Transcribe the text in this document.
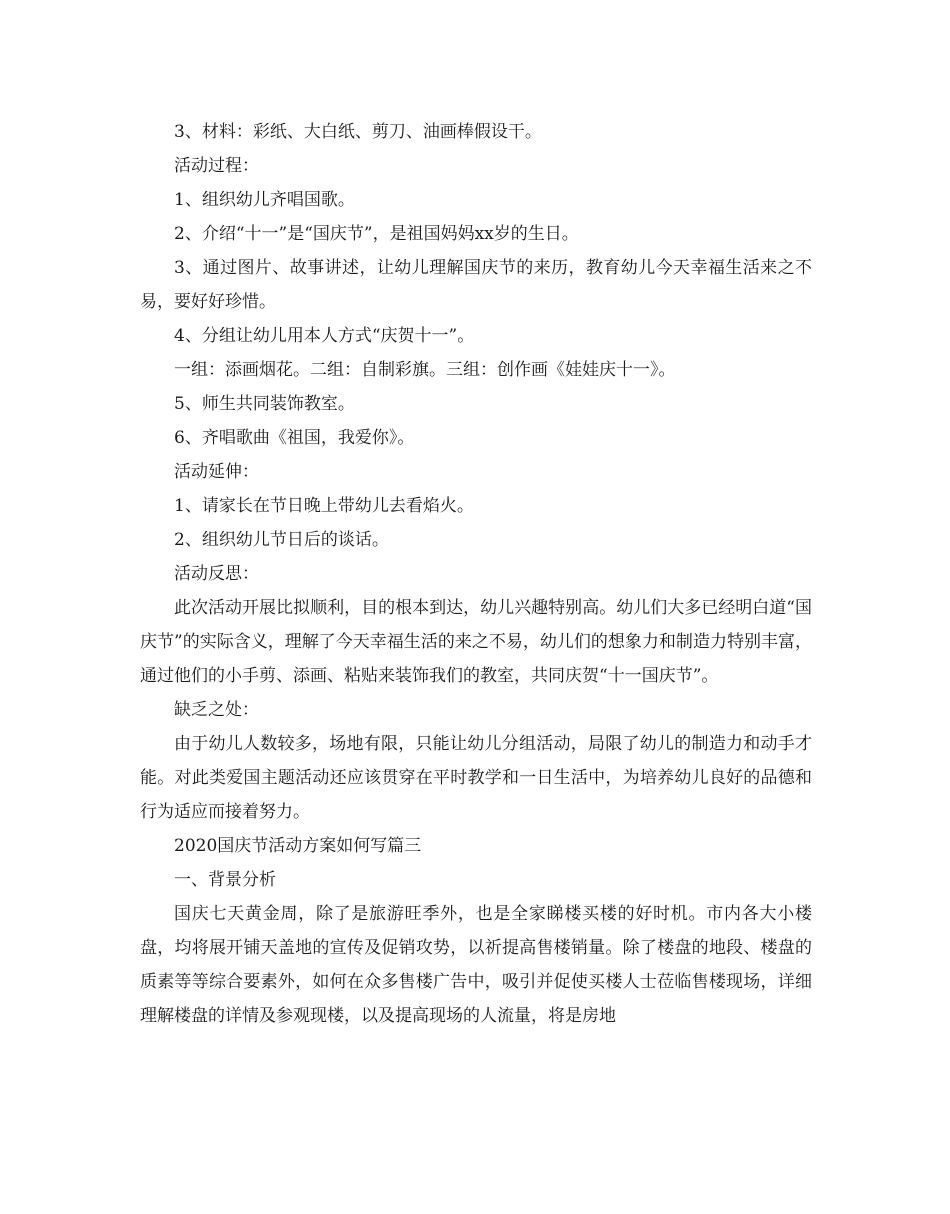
3、材料：彩纸、大白纸、剪刀、油画棒假设干。

活动过程：

1、组织幼儿齐唱国歌。

2、介绍“十一”是“国庆节”，是祖国妈妈xx岁的生日。

3、通过图片、故事讲述，让幼儿理解国庆节的来历，教育幼儿今天幸福生活来之不易，要好好珍惜。

4、分组让幼儿用本人方式“庆贺十一”。

一组：添画烟花。二组：自制彩旗。三组：创作画《娃娃庆十一》。

5、师生共同装饰教室。

6、齐唱歌曲《祖国，我爱你》。

活动延伸：

1、请家长在节日晚上带幼儿去看焰火。

2、组织幼儿节日后的谈话。

活动反思：

此次活动开展比拟顺利，目的根本到达，幼儿兴趣特别高。幼儿们大多已经明白道“国庆节”的实际含义，理解了今天幸福生活的来之不易，幼儿们的想象力和制造力特别丰富，通过他们的小手剪、添画、粘贴来装饰我们的教室，共同庆贺“十一国庆节”。

缺乏之处：

由于幼儿人数较多，场地有限，只能让幼儿分组活动，局限了幼儿的制造力和动手才能。对此类爱国主题活动还应该贯穿在平时教学和一日生活中，为培养幼儿良好的品德和行为适应而接着努力。

2020国庆节活动方案如何写篇三

一、背景分析

国庆七天黄金周，除了是旅游旺季外，也是全家睇楼买楼的好时机。市内各大小楼盘，均将展开铺天盖地的宣传及促销攻势，以祈提高售楼销量。除了楼盘的地段、楼盘的质素等等综合要素外，如何在众多售楼广告中，吸引并促使买楼人士莅临售楼现场，详细理解楼盘的详情及参观现楼，以及提高现场的人流量，将是房地
